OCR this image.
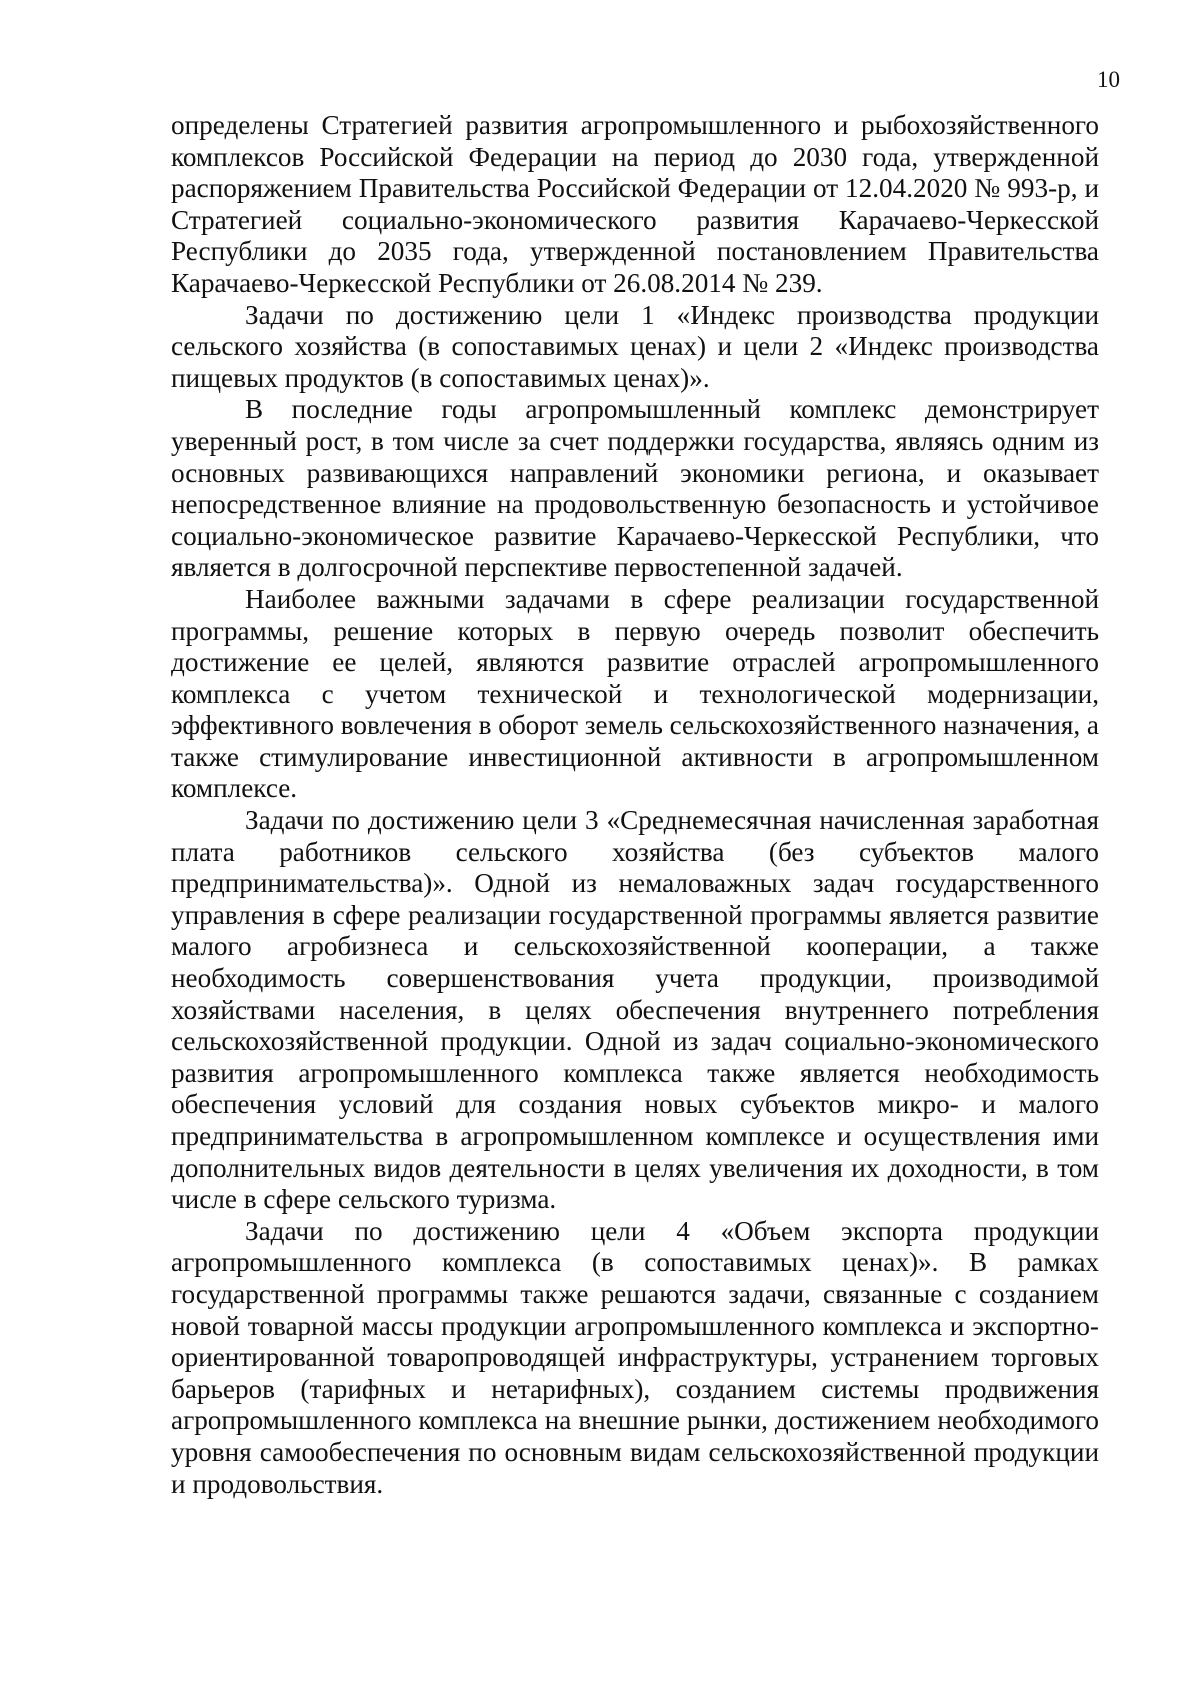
10

определены Стратегией развития агропромышленного и рыбохозяйственного комплексов Российской Федерации на период до 2030 года, утвержденной распоряжением Правительства Российской Федерации от 12.04.2020 № 993-р, и Стратегией социально-экономического развития Карачаево-Черкесской Республики до 2035 года, утвержденной постановлением Правительства Карачаево-Черкесской Республики от 26.08.2014 № 239.

Задачи по достижению цели 1 «Индекс производства продукции сельского хозяйства (в сопоставимых ценах) и цели 2 «Индекс производства пищевых продуктов (в сопоставимых ценах)».

В последние годы агропромышленный комплекс демонстрирует уверенный рост, в том числе за счет поддержки государства, являясь одним из основных развивающихся направлений экономики региона, и оказывает непосредственное влияние на продовольственную безопасность и устойчивое социально-экономическое развитие Карачаево-Черкесской Республики, что является в долгосрочной перспективе первостепенной задачей.

Наиболее важными задачами в сфере реализации государственной программы, решение которых в первую очередь позволит обеспечить достижение ее целей, являются развитие отраслей агропромышленного комплекса с учетом технической и технологической модернизации, эффективного вовлечения в оборот земель сельскохозяйственного назначения, а также стимулирование инвестиционной активности в агропромышленном комплексе.

Задачи по достижению цели 3 «Среднемесячная начисленная заработная плата работников сельского хозяйства (без субъектов малого предпринимательства)». Одной из немаловажных задач государственного управления в сфере реализации государственной программы является развитие малого агробизнеса и сельскохозяйственной кооперации, а также необходимость совершенствования учета продукции, производимой хозяйствами населения, в целях обеспечения внутреннего потребления сельскохозяйственной продукции. Одной из задач социально-экономического развития агропромышленного комплекса также является необходимость обеспечения условий для создания новых субъектов микро- и малого предпринимательства в агропромышленном комплексе и осуществления ими дополнительных видов деятельности в целях увеличения их доходности, в том числе в сфере сельского туризма.

Задачи по достижению цели 4 «Объем экспорта продукции агропромышленного комплекса (в сопоставимых ценах)». В рамках государственной программы также решаются задачи, связанные с созданием новой товарной массы продукции агропромышленного комплекса и экспортно-ориентированной товаропроводящей инфраструктуры, устранением торговых барьеров (тарифных и нетарифных), созданием системы продвижения агропромышленного комплекса на внешние рынки, достижением необходимого уровня самообеспечения по основным видам сельскохозяйственной продукции и продовольствия.
